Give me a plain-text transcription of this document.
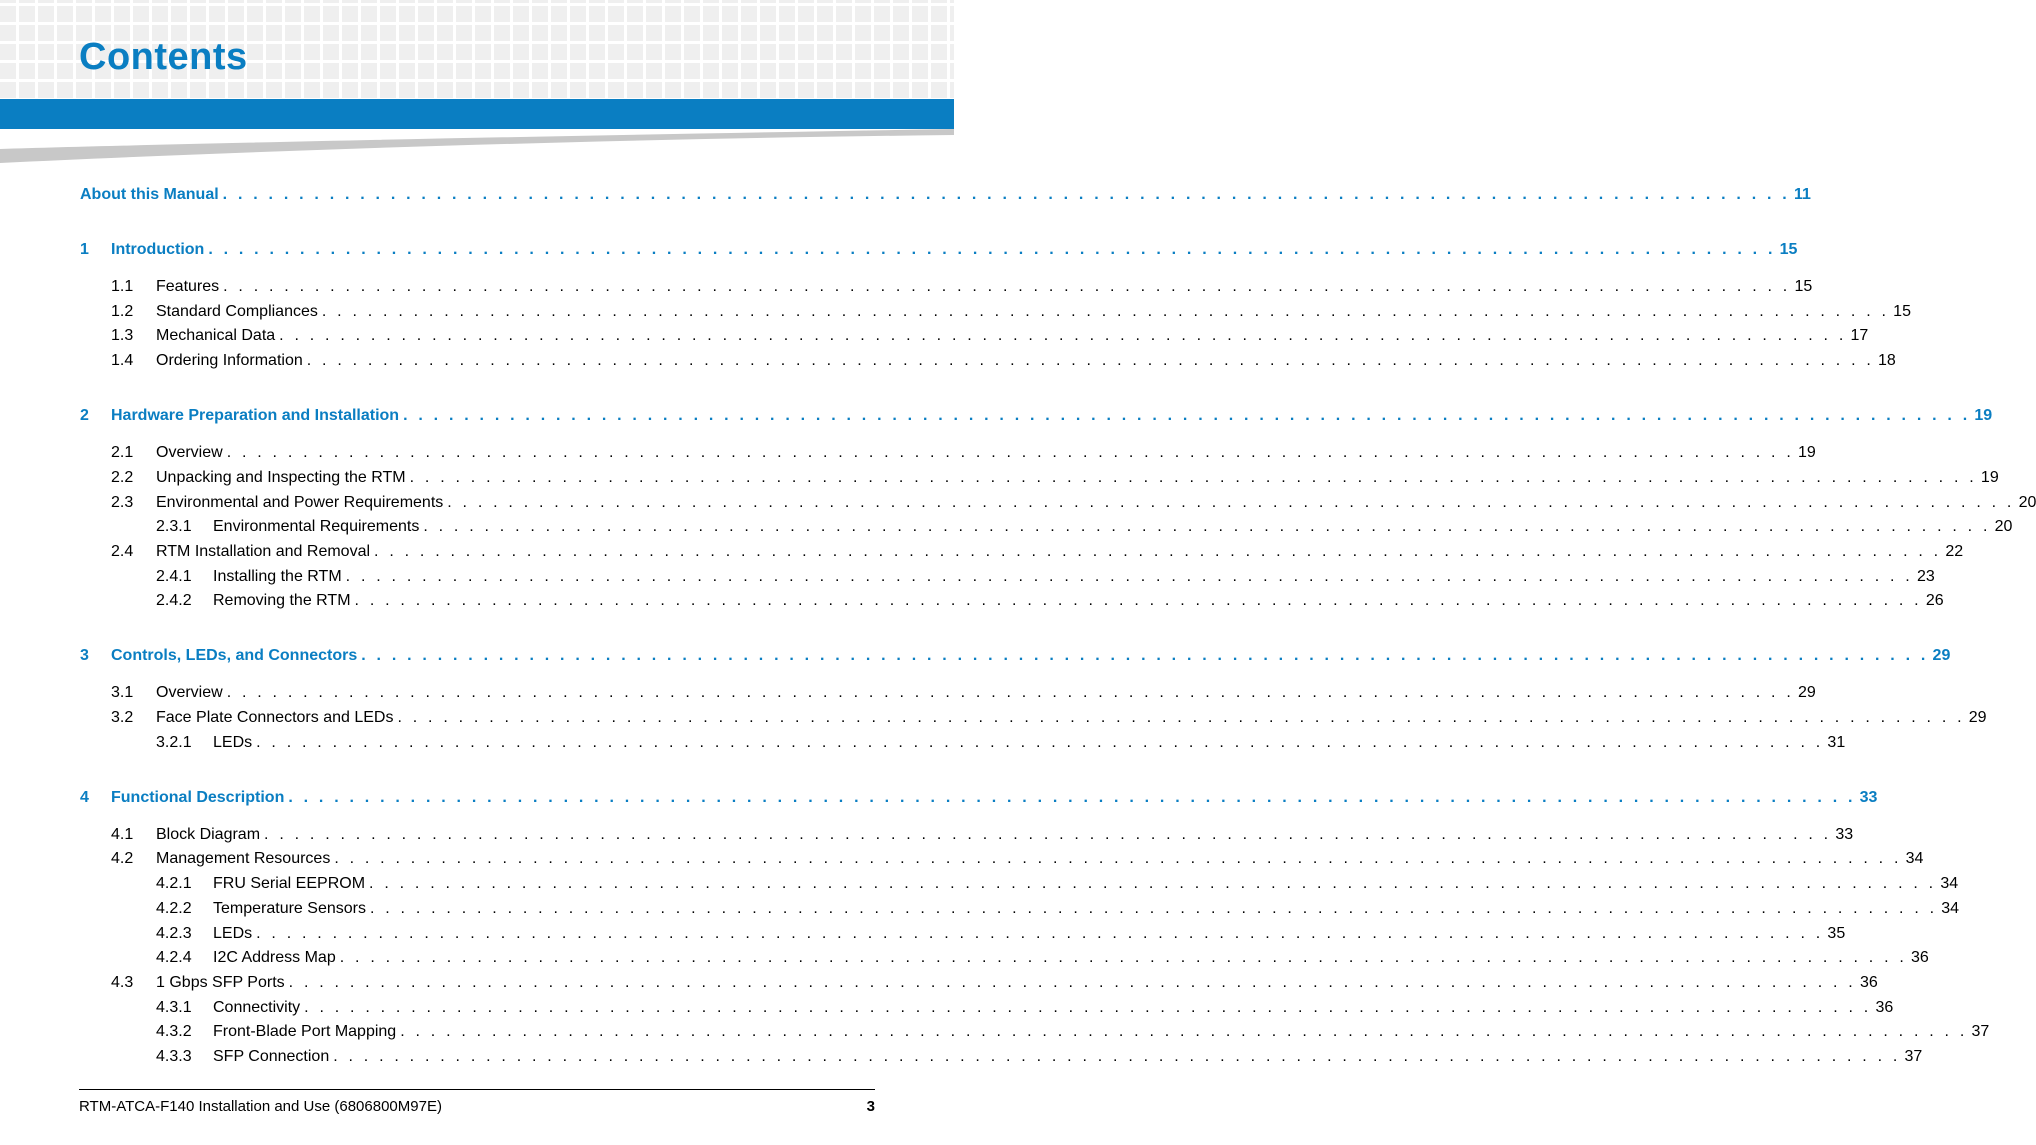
Contents
About this Manual . . . . . . . . . . . . . . . . . . . . . . . . . . . . . . . . . . . . . . . . . . . . . . . . . . . . . . . . . . . . . . . . . . . . . . . . . . . . . . . . . . . . . . . . . . . . . . . . . . . . . . . 11
1	Introduction . . . . . . . . . . . . . . . . . . . . . . . . . . . . . . . . . . . . . . . . . . . . . . . . . . . . . . . . . . . . . . . . . . . . . . . . . . . . . . . . . . . . . . . . . . . . . . . . . . . . . . . 15
1.1	Features . . . . . . . . . . . . . . . . . . . . . . . . . . . . . . . . . . . . . . . . . . . . . . . . . . . . . . . . . . . . . . . . . . . . . . . . . . . . . . . . . . . . . . . . . . . . . . . . . . . . . . . 15
1.2	Standard Compliances . . . . . . . . . . . . . . . . . . . . . . . . . . . . . . . . . . . . . . . . . . . . . . . . . . . . . . . . . . . . . . . . . . . . . . . . . . . . . . . . . . . . . . . . . . . . . . . . . . . . . . . 15
1.3	Mechanical Data . . . . . . . . . . . . . . . . . . . . . . . . . . . . . . . . . . . . . . . . . . . . . . . . . . . . . . . . . . . . . . . . . . . . . . . . . . . . . . . . . . . . . . . . . . . . . . . . . . . . . . . 17
1.4	Ordering Information . . . . . . . . . . . . . . . . . . . . . . . . . . . . . . . . . . . . . . . . . . . . . . . . . . . . . . . . . . . . . . . . . . . . . . . . . . . . . . . . . . . . . . . . . . . . . . . . . . . . . . . 18
2	Hardware Preparation and Installation . . . . . . . . . . . . . . . . . . . . . . . . . . . . . . . . . . . . . . . . . . . . . . . . . . . . . . . . . . . . . . . . . . . . . . . . . . . . . . . . . . . . . . . . . . . . . . . . . . . . . . . 19
2.1	Overview . . . . . . . . . . . . . . . . . . . . . . . . . . . . . . . . . . . . . . . . . . . . . . . . . . . . . . . . . . . . . . . . . . . . . . . . . . . . . . . . . . . . . . . . . . . . . . . . . . . . . . . 19
2.2	Unpacking and Inspecting the RTM . . . . . . . . . . . . . . . . . . . . . . . . . . . . . . . . . . . . . . . . . . . . . . . . . . . . . . . . . . . . . . . . . . . . . . . . . . . . . . . . . . . . . . . . . . . . . . . . . . . . . . . 19
2.3	Environmental and Power Requirements . . . . . . . . . . . . . . . . . . . . . . . . . . . . . . . . . . . . . . . . . . . . . . . . . . . . . . . . . . . . . . . . . . . . . . . . . . . . . . . . . . . . . . . . . . . . . . . . . . . . . . . 20
2.3.1	Environmental Requirements . . . . . . . . . . . . . . . . . . . . . . . . . . . . . . . . . . . . . . . . . . . . . . . . . . . . . . . . . . . . . . . . . . . . . . . . . . . . . . . . . . . . . . . . . . . . . . . . . . . . . . . 20
2.4	RTM Installation and Removal . . . . . . . . . . . . . . . . . . . . . . . . . . . . . . . . . . . . . . . . . . . . . . . . . . . . . . . . . . . . . . . . . . . . . . . . . . . . . . . . . . . . . . . . . . . . . . . . . . . . . . . 22
2.4.1	Installing the RTM . . . . . . . . . . . . . . . . . . . . . . . . . . . . . . . . . . . . . . . . . . . . . . . . . . . . . . . . . . . . . . . . . . . . . . . . . . . . . . . . . . . . . . . . . . . . . . . . . . . . . . . 23
2.4.2	Removing the RTM . . . . . . . . . . . . . . . . . . . . . . . . . . . . . . . . . . . . . . . . . . . . . . . . . . . . . . . . . . . . . . . . . . . . . . . . . . . . . . . . . . . . . . . . . . . . . . . . . . . . . . . 26
3	Controls, LEDs, and Connectors . . . . . . . . . . . . . . . . . . . . . . . . . . . . . . . . . . . . . . . . . . . . . . . . . . . . . . . . . . . . . . . . . . . . . . . . . . . . . . . . . . . . . . . . . . . . . . . . . . . . . . . 29
3.1	Overview . . . . . . . . . . . . . . . . . . . . . . . . . . . . . . . . . . . . . . . . . . . . . . . . . . . . . . . . . . . . . . . . . . . . . . . . . . . . . . . . . . . . . . . . . . . . . . . . . . . . . . . 29
3.2	Face Plate Connectors and LEDs . . . . . . . . . . . . . . . . . . . . . . . . . . . . . . . . . . . . . . . . . . . . . . . . . . . . . . . . . . . . . . . . . . . . . . . . . . . . . . . . . . . . . . . . . . . . . . . . . . . . . . . 29
3.2.1	LEDs . . . . . . . . . . . . . . . . . . . . . . . . . . . . . . . . . . . . . . . . . . . . . . . . . . . . . . . . . . . . . . . . . . . . . . . . . . . . . . . . . . . . . . . . . . . . . . . . . . . . . . . 31
4	Functional Description . . . . . . . . . . . . . . . . . . . . . . . . . . . . . . . . . . . . . . . . . . . . . . . . . . . . . . . . . . . . . . . . . . . . . . . . . . . . . . . . . . . . . . . . . . . . . . . . . . . . . . . 33
4.1	Block Diagram . . . . . . . . . . . . . . . . . . . . . . . . . . . . . . . . . . . . . . . . . . . . . . . . . . . . . . . . . . . . . . . . . . . . . . . . . . . . . . . . . . . . . . . . . . . . . . . . . . . . . . . 33
4.2	Management Resources . . . . . . . . . . . . . . . . . . . . . . . . . . . . . . . . . . . . . . . . . . . . . . . . . . . . . . . . . . . . . . . . . . . . . . . . . . . . . . . . . . . . . . . . . . . . . . . . . . . . . . . 34
4.2.1	FRU Serial EEPROM . . . . . . . . . . . . . . . . . . . . . . . . . . . . . . . . . . . . . . . . . . . . . . . . . . . . . . . . . . . . . . . . . . . . . . . . . . . . . . . . . . . . . . . . . . . . . . . . . . . . . . . 34
4.2.2	Temperature Sensors . . . . . . . . . . . . . . . . . . . . . . . . . . . . . . . . . . . . . . . . . . . . . . . . . . . . . . . . . . . . . . . . . . . . . . . . . . . . . . . . . . . . . . . . . . . . . . . . . . . . . . . 34
4.2.3	LEDs . . . . . . . . . . . . . . . . . . . . . . . . . . . . . . . . . . . . . . . . . . . . . . . . . . . . . . . . . . . . . . . . . . . . . . . . . . . . . . . . . . . . . . . . . . . . . . . . . . . . . . . 35
4.2.4	I2C Address Map . . . . . . . . . . . . . . . . . . . . . . . . . . . . . . . . . . . . . . . . . . . . . . . . . . . . . . . . . . . . . . . . . . . . . . . . . . . . . . . . . . . . . . . . . . . . . . . . . . . . . . . 36
4.3	1 Gbps SFP Ports . . . . . . . . . . . . . . . . . . . . . . . . . . . . . . . . . . . . . . . . . . . . . . . . . . . . . . . . . . . . . . . . . . . . . . . . . . . . . . . . . . . . . . . . . . . . . . . . . . . . . . . 36
4.3.1	Connectivity . . . . . . . . . . . . . . . . . . . . . . . . . . . . . . . . . . . . . . . . . . . . . . . . . . . . . . . . . . . . . . . . . . . . . . . . . . . . . . . . . . . . . . . . . . . . . . . . . . . . . . . 36
4.3.2	Front-Blade Port Mapping . . . . . . . . . . . . . . . . . . . . . . . . . . . . . . . . . . . . . . . . . . . . . . . . . . . . . . . . . . . . . . . . . . . . . . . . . . . . . . . . . . . . . . . . . . . . . . . . . . . . . . . 37
4.3.3	SFP Connection . . . . . . . . . . . . . . . . . . . . . . . . . . . . . . . . . . . . . . . . . . . . . . . . . . . . . . . . . . . . . . . . . . . . . . . . . . . . . . . . . . . . . . . . . . . . . . . . . . . . . . . 37
RTM-ATCA-F140 Installation and Use (6806800M97E)	3
